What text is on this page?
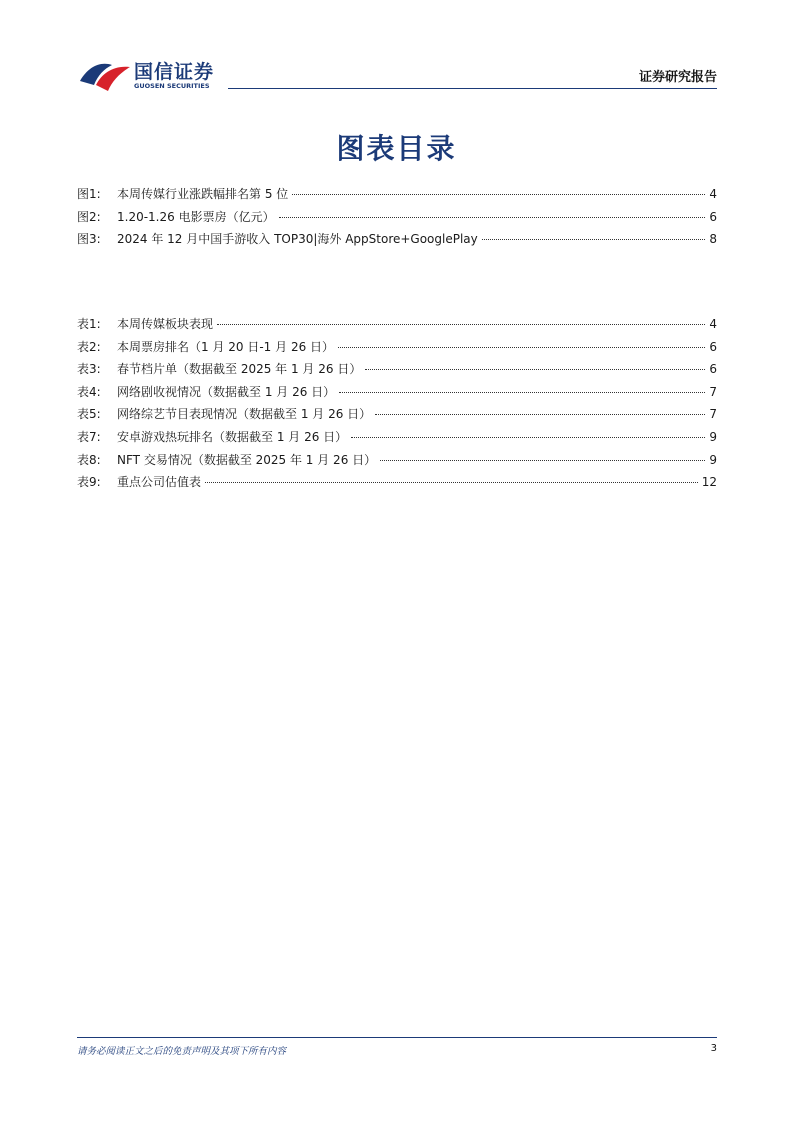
国信证券
GUOSEN SECURITIES
证券研究报告
图表目录
图1:	本周传媒行业涨跌幅排名第 5 位	4
图2:	1.20-1.26 电影票房（亿元）	6
图3:	2024 年 12 月中国手游收入 TOP30|海外 AppStore+GooglePlay	8
表1:	本周传媒板块表现	4
表2:	本周票房排名（1 月 20 日-1 月 26 日）	6
表3:	春节档片单（数据截至 2025 年 1 月 26 日）	6
表4:	网络剧收视情况（数据截至 1 月 26 日）	7
表5:	网络综艺节目表现情况（数据截至 1 月 26 日）	7
表7:	安卓游戏热玩排名（数据截至 1 月 26 日）	9
表8:	NFT 交易情况（数据截至 2025 年 1 月 26 日）	9
表9:	重点公司估值表	12
请务必阅读正文之后的免责声明及其项下所有内容	3
